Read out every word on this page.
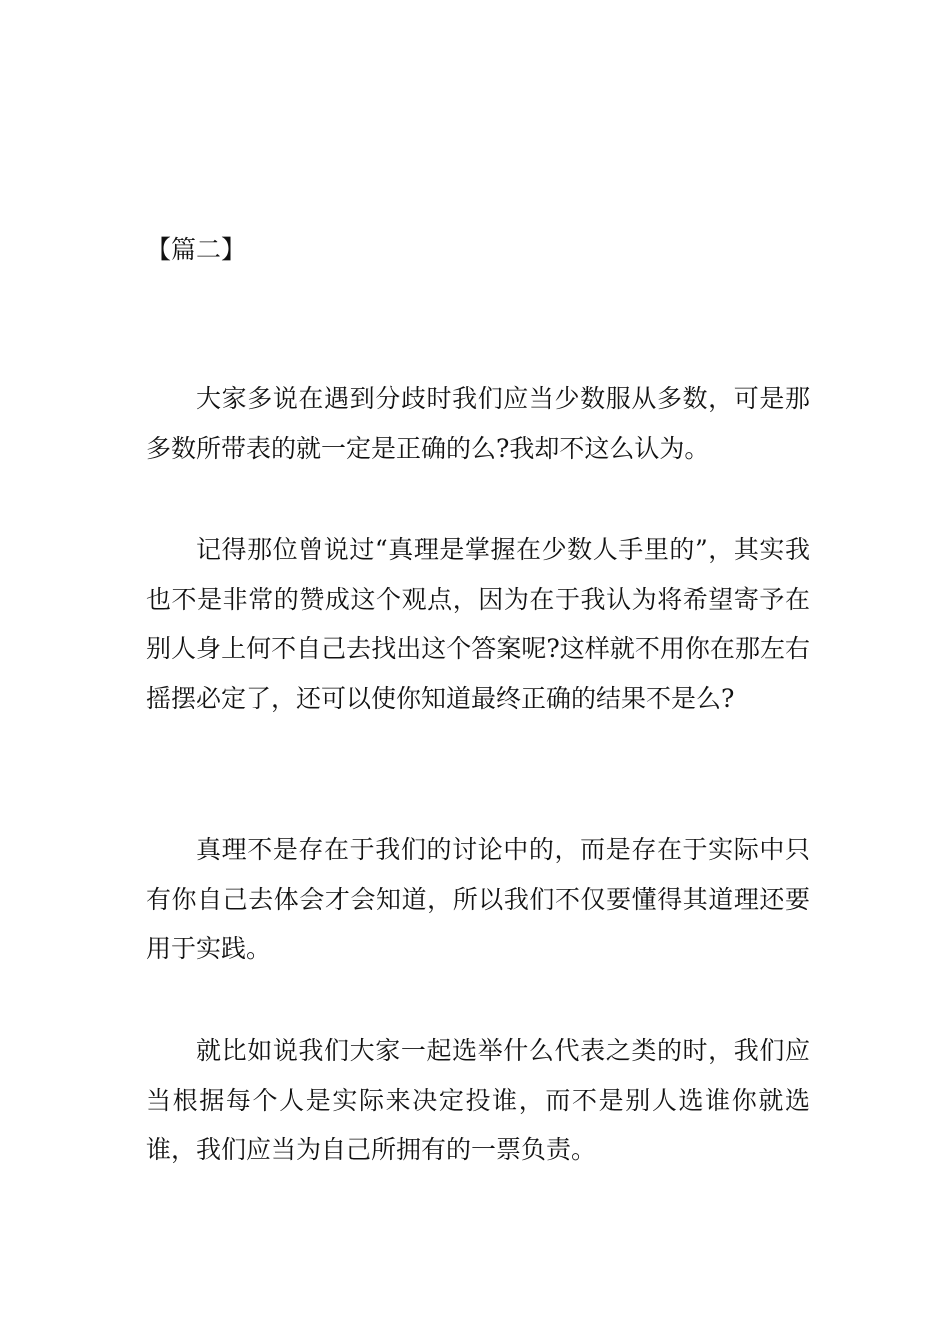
【篇二】

大家多说在遇到分歧时我们应当少数服从多数，可是那多数所带表的就一定是正确的么?我却不这么认为。

记得那位曾说过“真理是掌握在少数人手里的”，其实我也不是非常的赞成这个观点，因为在于我认为将希望寄予在别人身上何不自己去找出这个答案呢?这样就不用你在那左右摇摆必定了，还可以使你知道最终正确的结果不是么?

真理不是存在于我们的讨论中的，而是存在于实际中只有你自己去体会才会知道，所以我们不仅要懂得其道理还要用于实践。

就比如说我们大家一起选举什么代表之类的时，我们应当根据每个人是实际来决定投谁，而不是别人选谁你就选谁，我们应当为自己所拥有的一票负责。
